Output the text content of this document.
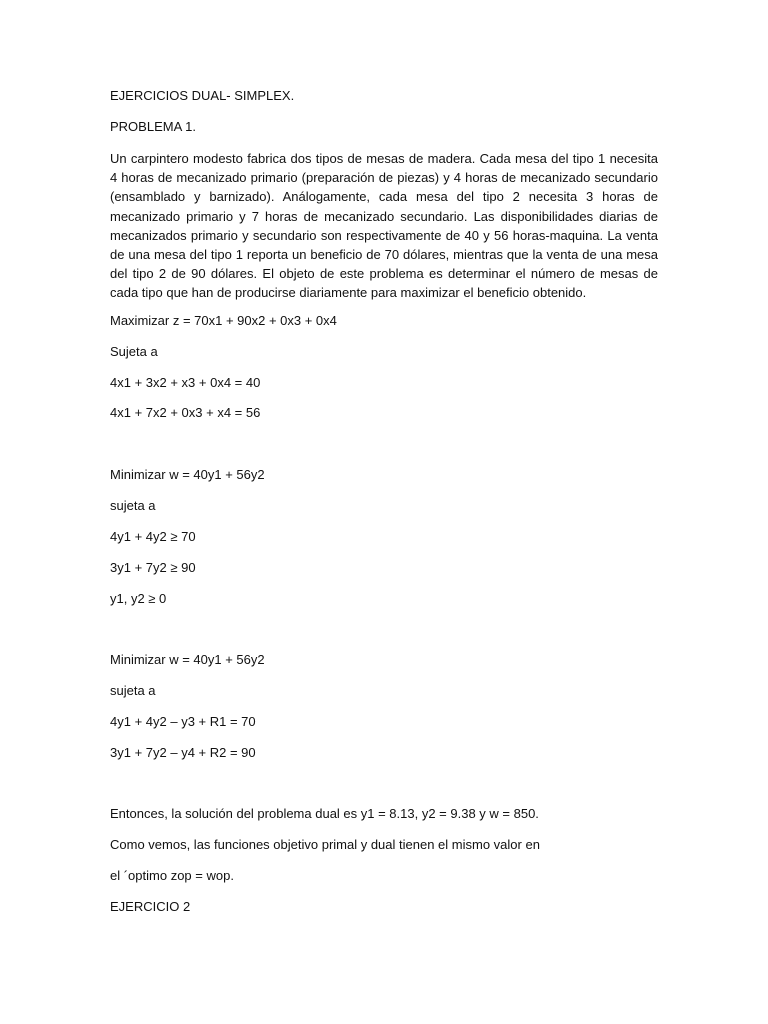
EJERCICIOS DUAL- SIMPLEX.
PROBLEMA 1.
Un carpintero modesto fabrica dos tipos de mesas de madera. Cada mesa del tipo 1 necesita 4 horas de mecanizado primario (preparación de piezas) y 4 horas de mecanizado secundario (ensamblado y barnizado). Análogamente, cada mesa del tipo 2 necesita 3 horas de mecanizado primario y 7 horas de mecanizado secundario. Las disponibilidades diarias de mecanizados primario y secundario son respectivamente de 40 y 56 horas-maquina. La venta de una mesa del tipo 1 reporta un beneficio de 70 dólares, mientras que la venta de una mesa del tipo 2 de 90 dólares. El objeto de este problema es determinar el número de mesas de cada tipo que han de producirse diariamente para maximizar el beneficio obtenido.
Maximizar z = 70x1 + 90x2 + 0x3 + 0x4
Sujeta a
4x1 + 3x2 + x3 + 0x4 = 40
4x1 + 7x2 + 0x3 + x4 = 56
Minimizar w = 40y1 + 56y2
sujeta a
4y1 + 4y2 ≥ 70
3y1 + 7y2 ≥ 90
y1, y2 ≥ 0
Minimizar w = 40y1 + 56y2
sujeta a
4y1 + 4y2 – y3 + R1 = 70
3y1 + 7y2 – y4 + R2 = 90
Entonces, la solución del problema dual es y1 = 8.13, y2 = 9.38 y w = 850.
Como vemos, las funciones objetivo primal y dual tienen el mismo valor en
el ´optimo zop = wop.
EJERCICIO 2
